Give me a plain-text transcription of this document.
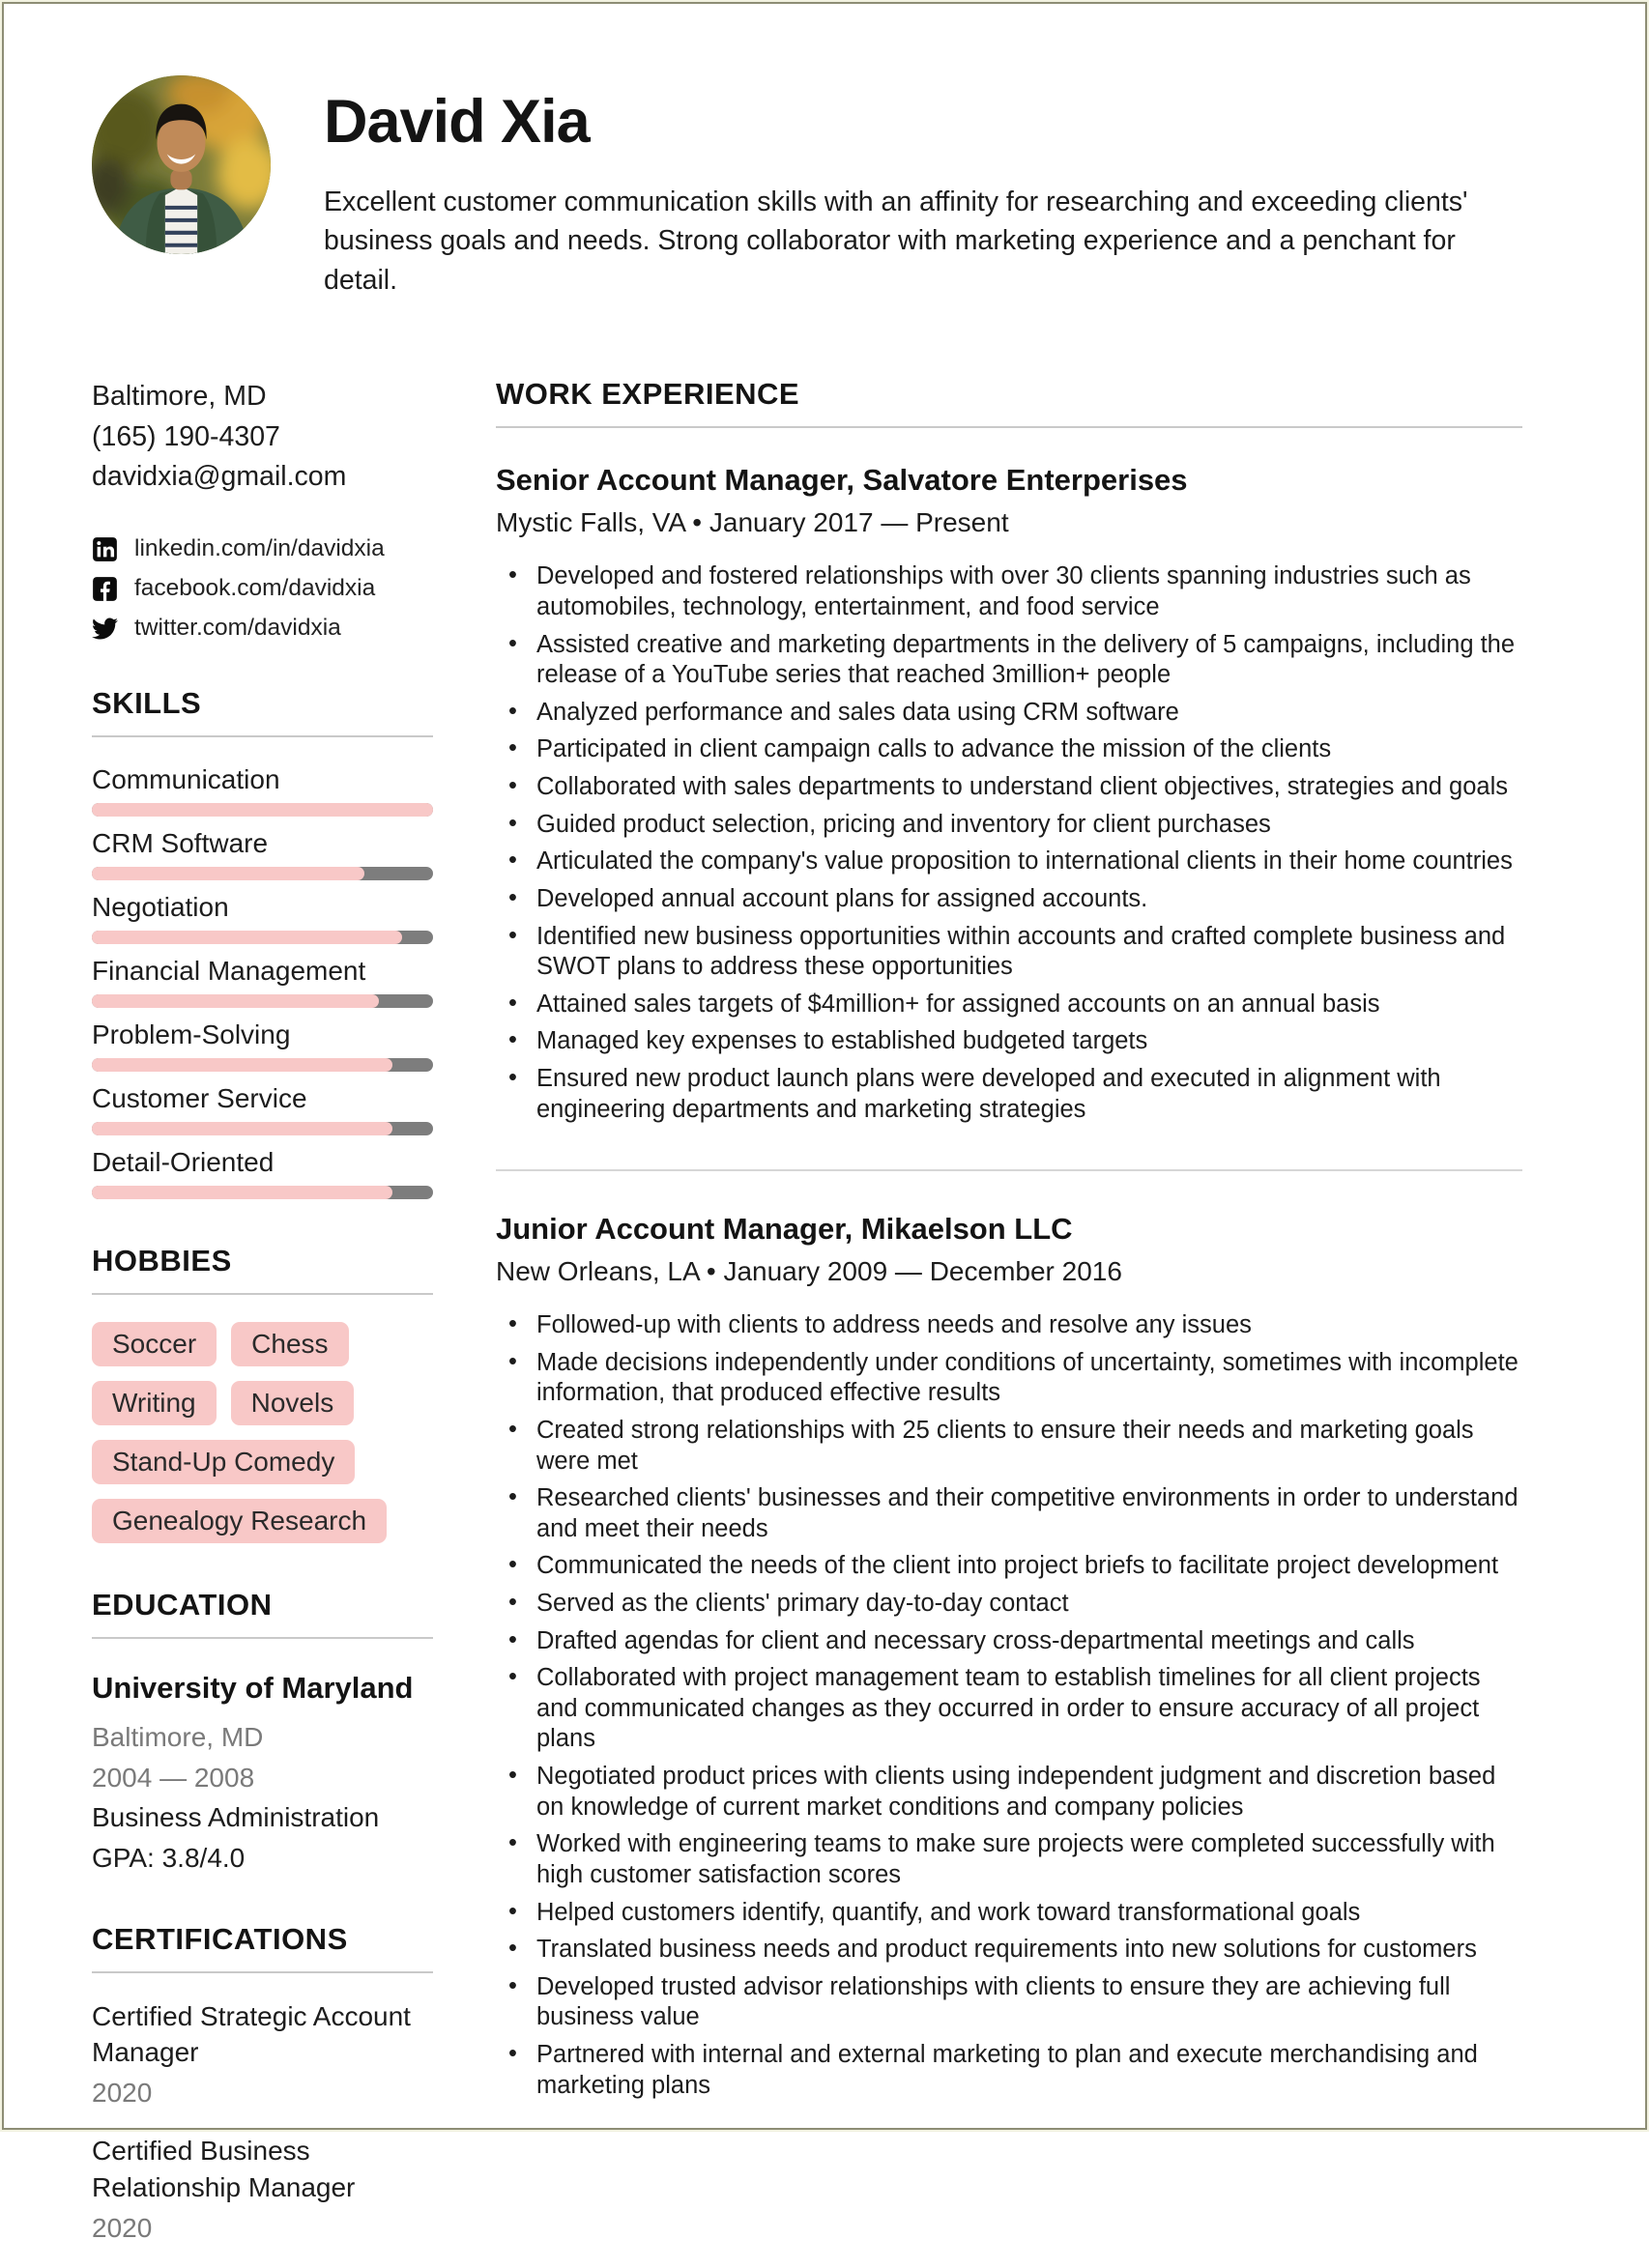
David Xia

Excellent customer communication skills with an affinity for researching and exceeding clients' business goals and needs. Strong collaborator with marketing experience and a penchant for detail.

Baltimore, MD
(165) 190-4307
davidxia@gmail.com
linkedin.com/in/davidxia
facebook.com/davidxia
twitter.com/davidxia
SKILLS
Communication
CRM Software
Negotiation
Financial Management
Problem-Solving
Customer Service
Detail-Oriented
HOBBIES
Soccer	Chess
Writing	Novels
Stand-Up Comedy
Genealogy Research
EDUCATION
University of Maryland
Baltimore, MD
2004 — 2008
Business Administration
GPA: 3.8/4.0
CERTIFICATIONS
Certified Strategic Account Manager
2020
Certified Business Relationship Manager
2020
WORK EXPERIENCE
Senior Account Manager, Salvatore Enterperises

Mystic Falls, VA • January 2017 — Present

• Developed and fostered relationships with over 30 clients spanning industries such as automobiles, technology, entertainment, and food service
• Assisted creative and marketing departments in the delivery of 5 campaigns, including the release of a YouTube series that reached 3million+ people
• Analyzed performance and sales data using CRM software
• Participated in client campaign calls to advance the mission of the clients
• Collaborated with sales departments to understand client objectives, strategies and goals
• Guided product selection, pricing and inventory for client purchases
• Articulated the company's value proposition to international clients in their home countries
• Developed annual account plans for assigned accounts.
• Identified new business opportunities within accounts and crafted complete business and SWOT plans to address these opportunities
• Attained sales targets of $4million+ for assigned accounts on an annual basis
• Managed key expenses to established budgeted targets
• Ensured new product launch plans were developed and executed in alignment with engineering departments and marketing strategies
Junior Account Manager, Mikaelson LLC

New Orleans, LA • January 2009 — December 2016

• Followed-up with clients to address needs and resolve any issues
• Made decisions independently under conditions of uncertainty, sometimes with incomplete information, that produced effective results
• Created strong relationships with 25 clients to ensure their needs and marketing goals were met
• Researched clients' businesses and their competitive environments in order to understand and meet their needs
• Communicated the needs of the client into project briefs to facilitate project development
• Served as the clients' primary day-to-day contact
• Drafted agendas for client and necessary cross-departmental meetings and calls
• Collaborated with project management team to establish timelines for all client projects and communicated changes as they occurred in order to ensure accuracy of all project plans
• Negotiated product prices with clients using independent judgment and discretion based on knowledge of current market conditions and company policies
• Worked with engineering teams to make sure projects were completed successfully with high customer satisfaction scores
• Helped customers identify, quantify, and work toward transformational goals
• Translated business needs and product requirements into new solutions for customers
• Developed trusted advisor relationships with clients to ensure they are achieving full business value
• Partnered with internal and external marketing to plan and execute merchandising and marketing plans
